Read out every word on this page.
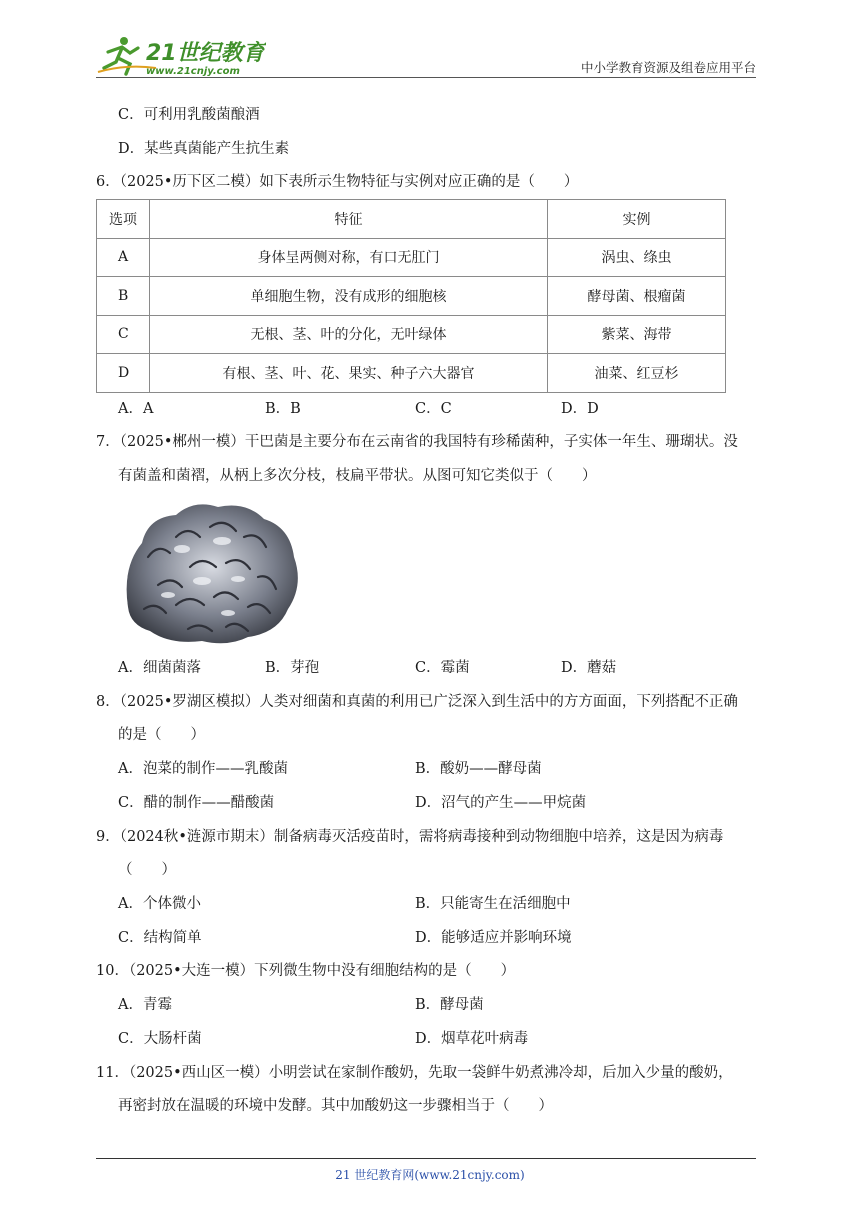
21世纪教育
www.21cnjy.com	中小学教育资源及组卷应用平台
C．可利用乳酸菌酿酒
D．某些真菌能产生抗生素
6．（2025•历下区二模）如下表所示生物特征与实例对应正确的是（　　）
选项	特征	实例
A	身体呈两侧对称，有口无肛门	涡虫、绦虫
B	单细胞生物，没有成形的细胞核	酵母菌、根瘤菌
C	无根、茎、叶的分化，无叶绿体	紫菜、海带
D	有根、茎、叶、花、果实、种子六大器官	油菜、红豆杉
A．A	B．B	C．C	D．D
7．（2025•郴州一模）干巴菌是主要分布在云南省的我国特有珍稀菌种，子实体一年生、珊瑚状。没
有菌盖和菌褶，从柄上多次分枝，枝扁平带状。从图可知它类似于（　　）
A．细菌菌落	B．芽孢	C．霉菌	D．蘑菇
8．（2025•罗湖区模拟）人类对细菌和真菌的利用已广泛深入到生活中的方方面面，下列搭配不正确
的是（　　）
A．泡菜的制作——乳酸菌	B．酸奶——酵母菌
C．醋的制作——醋酸菌	D．沼气的产生——甲烷菌
9．（2024秋•涟源市期末）制备病毒灭活疫苗时，需将病毒接种到动物细胞中培养，这是因为病毒
（　　）
A．个体微小	B．只能寄生在活细胞中
C．结构简单	D．能够适应并影响环境
10．（2025•大连一模）下列微生物中没有细胞结构的是（　　）
A．青霉	B．酵母菌
C．大肠杆菌	D．烟草花叶病毒
11．（2025•西山区一模）小明尝试在家制作酸奶，先取一袋鲜牛奶煮沸冷却，后加入少量的酸奶，
再密封放在温暖的环境中发酵。其中加酸奶这一步骤相当于（　　）
21 世纪教育网(www.21cnjy.com)
